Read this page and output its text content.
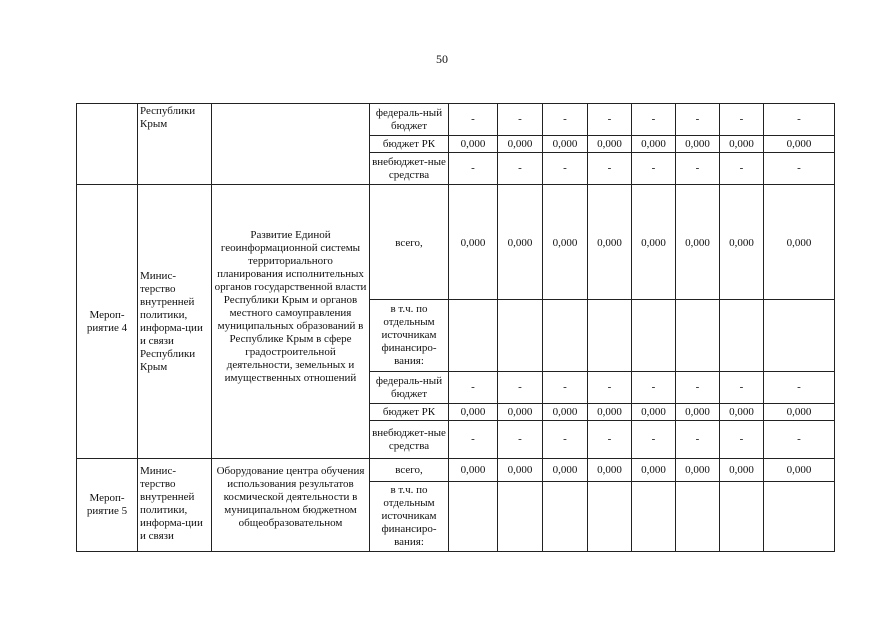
50
	Республики Крым		федераль-ный бюджет	-	-	-	-	-	-	-	-
			бюджет РК	0,000	0,000	0,000	0,000	0,000	0,000	0,000	0,000
			внебюджет-ные средства	-	-	-	-	-	-	-	-
Мероп-риятие 4	Минис-терство внутренней политики, информа-ции и связи Республики Крым	Развитие Единой геоинформационной системы территориального планирования исполнительных органов государственной власти Республики Крым и органов местного самоуправления муниципальных образований в Республике Крым в сфере градостроительной деятельности, земельных и имущественных отношений	всего,	0,000	0,000	0,000	0,000	0,000	0,000	0,000	0,000
			в т.ч. по отдельным источникам финансиро-вания:								
			федераль-ный бюджет	-	-	-	-	-	-	-	-
			бюджет РК	0,000	0,000	0,000	0,000	0,000	0,000	0,000	0,000
			внебюджет-ные средства	-	-	-	-	-	-	-	-
Мероп-риятие 5	Минис-терство внутренней политики, информа-ции и связи	Оборудование центра обучения использования результатов космической деятельности в муниципальном бюджетном общеобразовательном	всего,	0,000	0,000	0,000	0,000	0,000	0,000	0,000	0,000
			в т.ч. по отдельным источникам финансиро-вания:								
